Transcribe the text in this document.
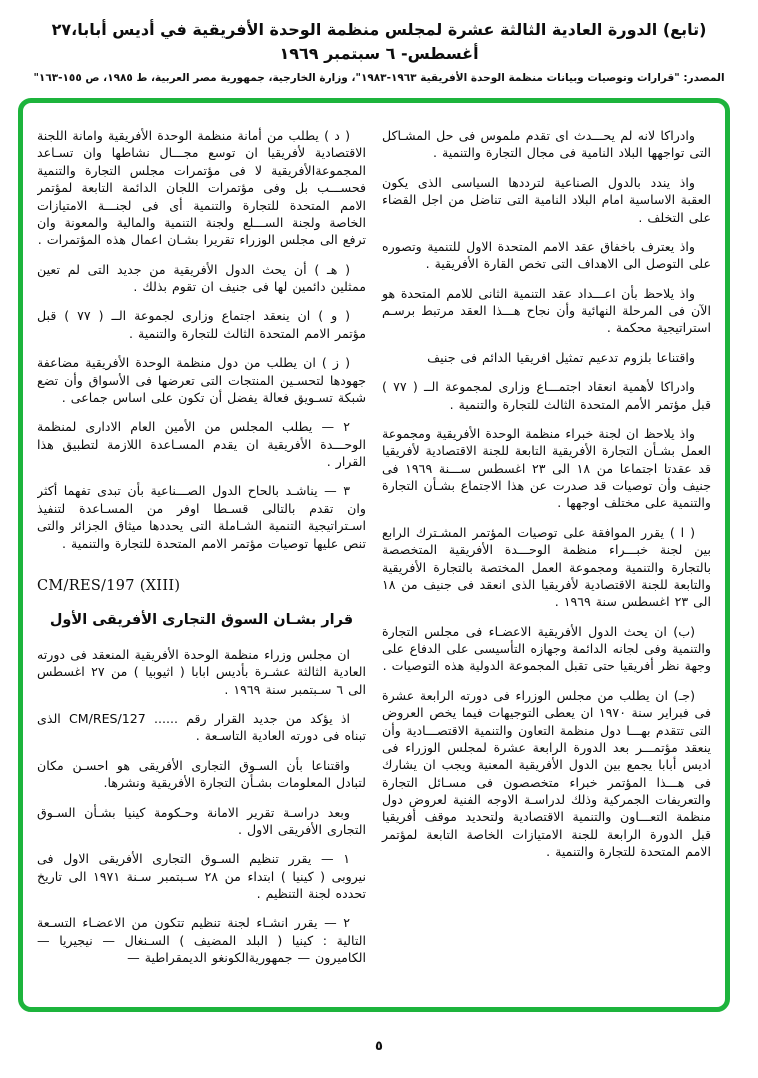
(تابع) الدورة العادية الثالثة عشرة لمجلس منظمة الوحدة الأفريقية في أديس أبابا،٢٧ أغسطس- ٦ سبتمبر ١٩٦٩
المصدر: "قرارات وتوصيات وبيانات منظمة الوحدة الأفريقية ١٩٦٣-١٩٨٣"، وزارة الخارجية، جمهورية مصر العربية، ط ١٩٨٥، ص ١٥٥-١٦٣"

وادراكا لانه لم يحـــدث اى تقدم ملموس فى حل المشـاكل التى تواجهها البلاد النامية فى مجال التجارة والتنمية .

واذ يندد بالدول الصناعية لترددها السياسى الذى يكون العقبة الاساسية امام البلاد النامية التى تناضل من اجل القضاء على التخلف .

واذ يعترف باخفاق عقد الامم المتحدة الاول للتنمية وتصوره على التوصل الى الاهداف التى تخص القارة الأفريقية .

واذ يلاحظ بأن اعـــداد عقد التنمية الثانى للامم المتحدة هو الآن فى المرحلة النهائية وأن نجاح هـــذا العقد مرتبط برسـم استراتيجية محكمة .

واقتناعا بلزوم تدعيم تمثيل افريقيا الدائم فى جنيف

وادراكا لأهمية انعقاد اجتمـــاع وزارى لمجموعة الــ ( ٧٧ ) قبل مؤتمر الأمم المتحدة الثالث للتجارة والتنمية .

واذ يلاحظ ان لجنة خبراء منظمة الوحدة الأفريقية ومجموعة العمل بشـأن التجارة الأفريقية التابعة للجنة الاقتصادية لأفريقيا قد عقدتا اجتماعا من ١٨ الى ٢٣ اغسطس ســـنة ١٩٦٩ فى جنيف وأن توصيات قد صدرت عن هذا الاجتماع بشـأن التجارة والتنمية على مختلف اوجهها .

( ا ) يقرر الموافقة على توصيات المؤتمر المشـترك الرابع بين لجنة خبـــراء منظمة الوحـــدة الأفريقية المتخصصة بالتجارة والتنمية ومجموعة العمل المختصة بالتجارة الأفريقية والتابعة للجنة الاقتصادية لأفريقيا الذى انعقد فى جنيف من ١٨ الى ٢٣ اغسطس سنة ١٩٦٩ .

(ب) ان يحث الدول الأفريقية الاعضـاء فى مجلس التجارة والتنمية وفى لجانه الدائمة وجهازه التأسيسى على الدفاع على وجهة نظر أفريقيا حتى تقبل المجموعة الدولية هذه التوصيات .

(جـ) ان يطلب من مجلس الوزراء فى دورته الرابعة عشرة فى فبراير سنة ١٩٧٠ ان يعطى التوجيهات فيما يخص العروض التى تتقدم بهـــا دول منظمة التعاون والتنمية الاقتصـــادية وأن ينعقد مؤتمـــر بعد الدورة الرابعة عشرة لمجلس الوزراء فى اديس أبابا يجمع بين الدول الأفريقية المعنية ويجب ان يشارك فى هـــذا المؤتمر خبراء متخصصون فى مسـائل التجارة والتعريفات الجمركية وذلك لدراسـة الاوجه الفنية لعروض دول منظمة التعـــاون والتنمية الاقتصادية ولتحديد موقف أفريقيا قبل الدورة الرابعة للجنة الامتيازات الخاصة التابعة لمؤتمر الامم المتحدة للتجارة والتنمية .

( د ) يطلب من أمانة منظمة الوحدة الأفريقية وامانة اللجنة الاقتصادية لأفريقيا ان توسع مجـــال نشاطها وان تسـاعد المجموعةالأفريقية لا فى مؤتمرات مجلس التجارة والتنمية فحســـب بل وفى مؤتمرات اللجان الدائمة التابعة لمؤتمر الامم المتحدة للتجارة والتنمية أى فى لجنـــة الامتيازات الخاصة ولجنة الســـلع ولجنة التنمية والمالية والمعونة وان ترفع الى مجلس الوزراء تقريرا بشـان اعمال هذه المؤتمرات .

( هـ ) أن يحث الدول الأفريقية من جديد التى لم تعين ممثلين دائمين لها فى جنيف ان تقوم بذلك .

( و ) ان ينعقد اجتماع وزارى لجموعة الــ ( ٧٧ ) قبل مؤتمر الامم المتحدة الثالث للتجارة والتنمية .

( ز ) ان يطلب من دول منظمة الوحدة الأفريقية مضاعفة جهودها لتحسـين المنتجات التى تعرضها فى الأسواق وأن تضع شبكة تسـويق فعالة يفضل أن تكون على اساس جماعى .

٢ — يطلب المجلس من الأمين العام الادارى لمنظمة الوحـــدة الأفريقية ان يقدم المسـاعدة اللازمة لتطبيق هذا القرار .

٣ — يناشـد بالحاح الدول الصـــناعية بأن تبدى تفهما أكثر وان تقدم بالتالى قسـطا اوفر من المسـاعدة لتنفيذ اسـتراتيجية التنمية الشـاملة التى يحددها ميثاق الجزائر والتى تنص عليها توصيات مؤتمر الامم المتحدة للتجارة والتنمية .

CM/RES/197 (XIII)

قرار بشـان السوق التجارى الأفريقى الأول

ان مجلس وزراء منظمة الوحدة الأفريقية المنعقد فى دورته العادية الثالثة عشـرة بأديس ابابا ( اثيوبيا ) من ٢٧ اغسطس الى ٦ سـبتمبر سنة ١٩٦٩ .

اذ يؤكد من جديد القرار رقم ...... CM/RES/127 الذى تبناه فى دورته العادية التاسـعة .

واقتناعا بأن السـوق التجارى الأفريقى هو احسـن مكان لتبادل المعلومات بشـأن التجارة الأفريقية ونشرها.

وبعد دراسـة تقرير الامانة وحـكومة كينيا بشـأن السـوق التجارى الأفريقى الاول .

١ — يقرر تنظيم السـوق التجارى الأفريقى الاول فى نيروبى ( كينيا ) ابتداء من ٢٨ سـبتمبر سـنة ١٩٧١ الى تاريخ تحدده لجنة التنظيم .

٢ — يقرر انشـاء لجنة تنظيم تتكون من الاعضـاء التسـعة التالية : كينيا ( البلد المضيف ) السـنغال — نيجيريا — الكاميرون — جمهوريةالكونغو الديمقراطية —

٥
